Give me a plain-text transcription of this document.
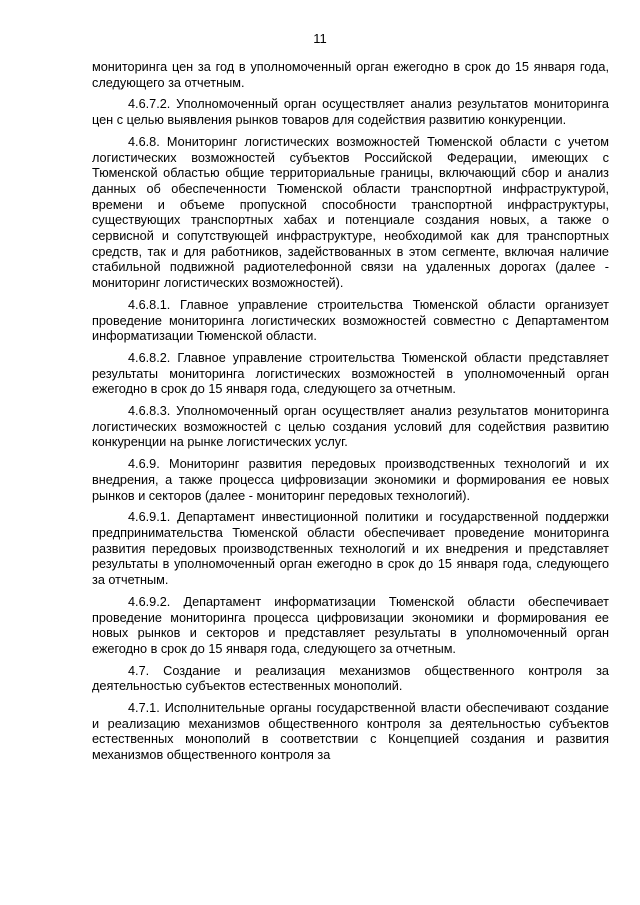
11

мониторинга цен за год в уполномоченный орган ежегодно в срок до 15 января года, следующего за отчетным.

4.6.7.2. Уполномоченный орган осуществляет анализ результатов мониторинга цен с целью выявления рынков товаров для содействия развитию конкуренции.

4.6.8. Мониторинг логистических возможностей Тюменской области с учетом логистических возможностей субъектов Российской Федерации, имеющих с Тюменской областью общие территориальные границы, включающий сбор и анализ данных об обеспеченности Тюменской области транспортной инфраструктурой, времени и объеме пропускной способности транспортной инфраструктуры, существующих транспортных хабах и потенциале создания новых, а также о сервисной и сопутствующей инфраструктуре, необходимой как для транспортных средств, так и для работников, задействованных в этом сегменте, включая наличие стабильной подвижной радиотелефонной связи на удаленных дорогах (далее - мониторинг логистических возможностей).

4.6.8.1. Главное управление строительства Тюменской области организует проведение мониторинга логистических возможностей совместно с Департаментом информатизации Тюменской области.

4.6.8.2. Главное управление строительства Тюменской области представляет результаты мониторинга логистических возможностей в уполномоченный орган ежегодно в срок до 15 января года, следующего за отчетным.

4.6.8.3. Уполномоченный орган осуществляет анализ результатов мониторинга логистических возможностей с целью создания условий для содействия развитию конкуренции на рынке логистических услуг.

4.6.9. Мониторинг развития передовых производственных технологий и их внедрения, а также процесса цифровизации экономики и формирования ее новых рынков и секторов (далее - мониторинг передовых технологий).

4.6.9.1. Департамент инвестиционной политики и государственной поддержки предпринимательства Тюменской области обеспечивает проведение мониторинга развития передовых производственных технологий и их внедрения и представляет результаты в уполномоченный орган ежегодно в срок до 15 января года, следующего за отчетным.

4.6.9.2. Департамент информатизации Тюменской области обеспечивает проведение мониторинга процесса цифровизации экономики и формирования ее новых рынков и секторов и представляет результаты в уполномоченный орган ежегодно в срок до 15 января года, следующего за отчетным.

4.7. Создание и реализация механизмов общественного контроля за деятельностью субъектов естественных монополий.

4.7.1. Исполнительные органы государственной власти обеспечивают создание и реализацию механизмов общественного контроля за деятельностью субъектов естественных монополий в соответствии с Концепцией создания и развития механизмов общественного контроля за
